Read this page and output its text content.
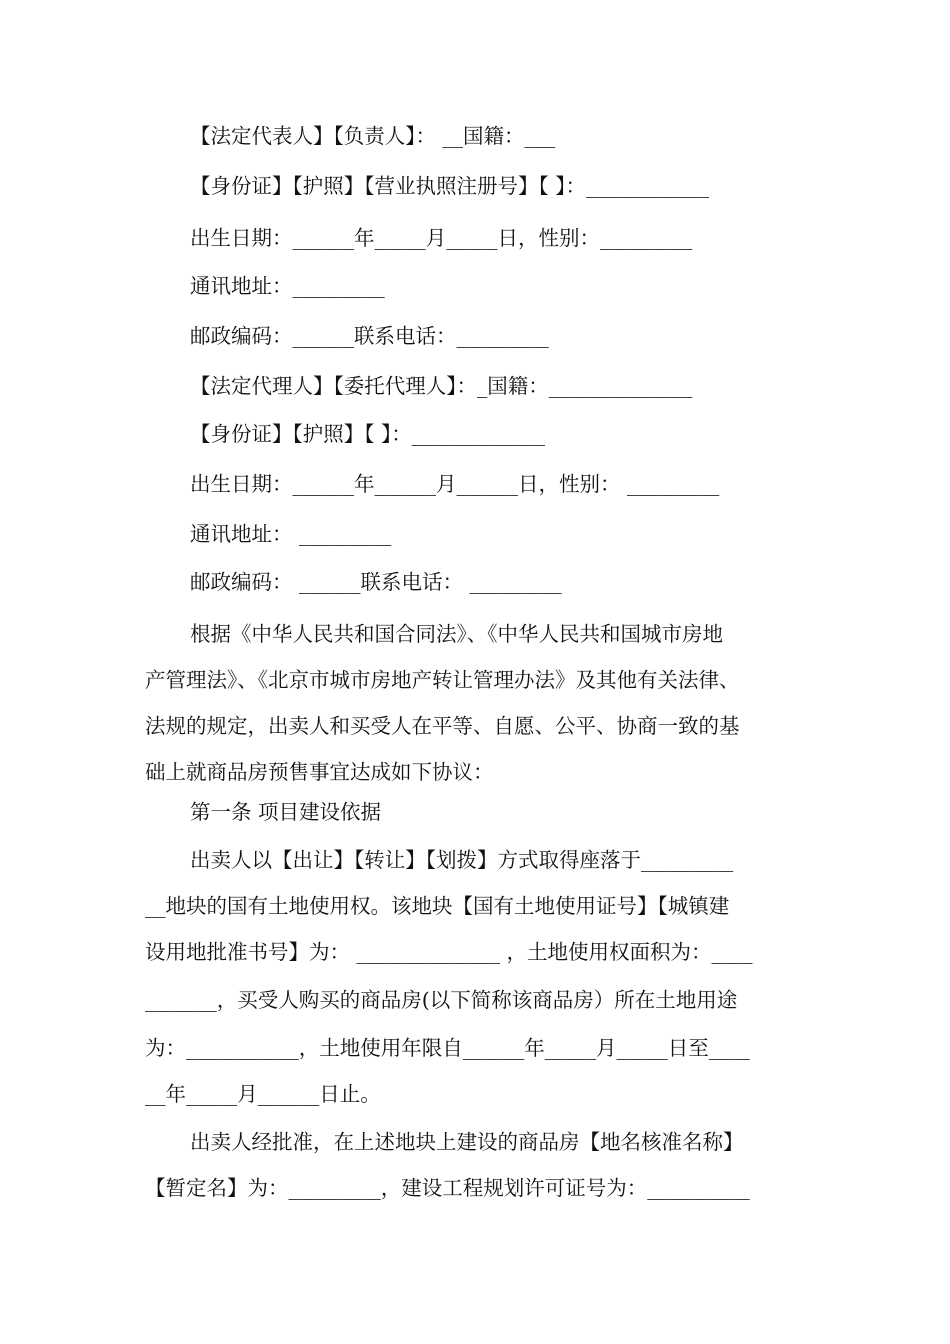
【法定代表人】【负责人】： __国籍：___
【身份证】【护照】【营业执照注册号】【 】：____________
出生日期：______年_____月_____日，性别：_________
通讯地址：_________
邮政编码：______联系电话：_________
【法定代理人】【委托代理人】：_国籍：______________
【身份证】【护照】【 】：_____________
出生日期：______年______月______日，性别： _________
通讯地址： _________
邮政编码： ______联系电话： _________
根据《中华人民共和国合同法》、《中华人民共和国城市房地
产管理法》、《北京市城市房地产转让管理办法》及其他有关法律、
法规的规定，出卖人和买受人在平等、自愿、公平、协商一致的基
础上就商品房预售事宜达成如下协议：
第一条 项目建设依据
出卖人以【出让】【转让】【划拨】方式取得座落于_________
__地块的国有土地使用权。该地块【国有土地使用证号】【城镇建
设用地批准书号】为： ______________ ，土地使用权面积为：____
_______，买受人购买的商品房(以下简称该商品房）所在土地用途
为：___________，土地使用年限自______年_____月_____日至____
__年_____月______日止。
出卖人经批准，在上述地块上建设的商品房【地名核准名称】
【暂定名】为：_________，建设工程规划许可证号为：__________
